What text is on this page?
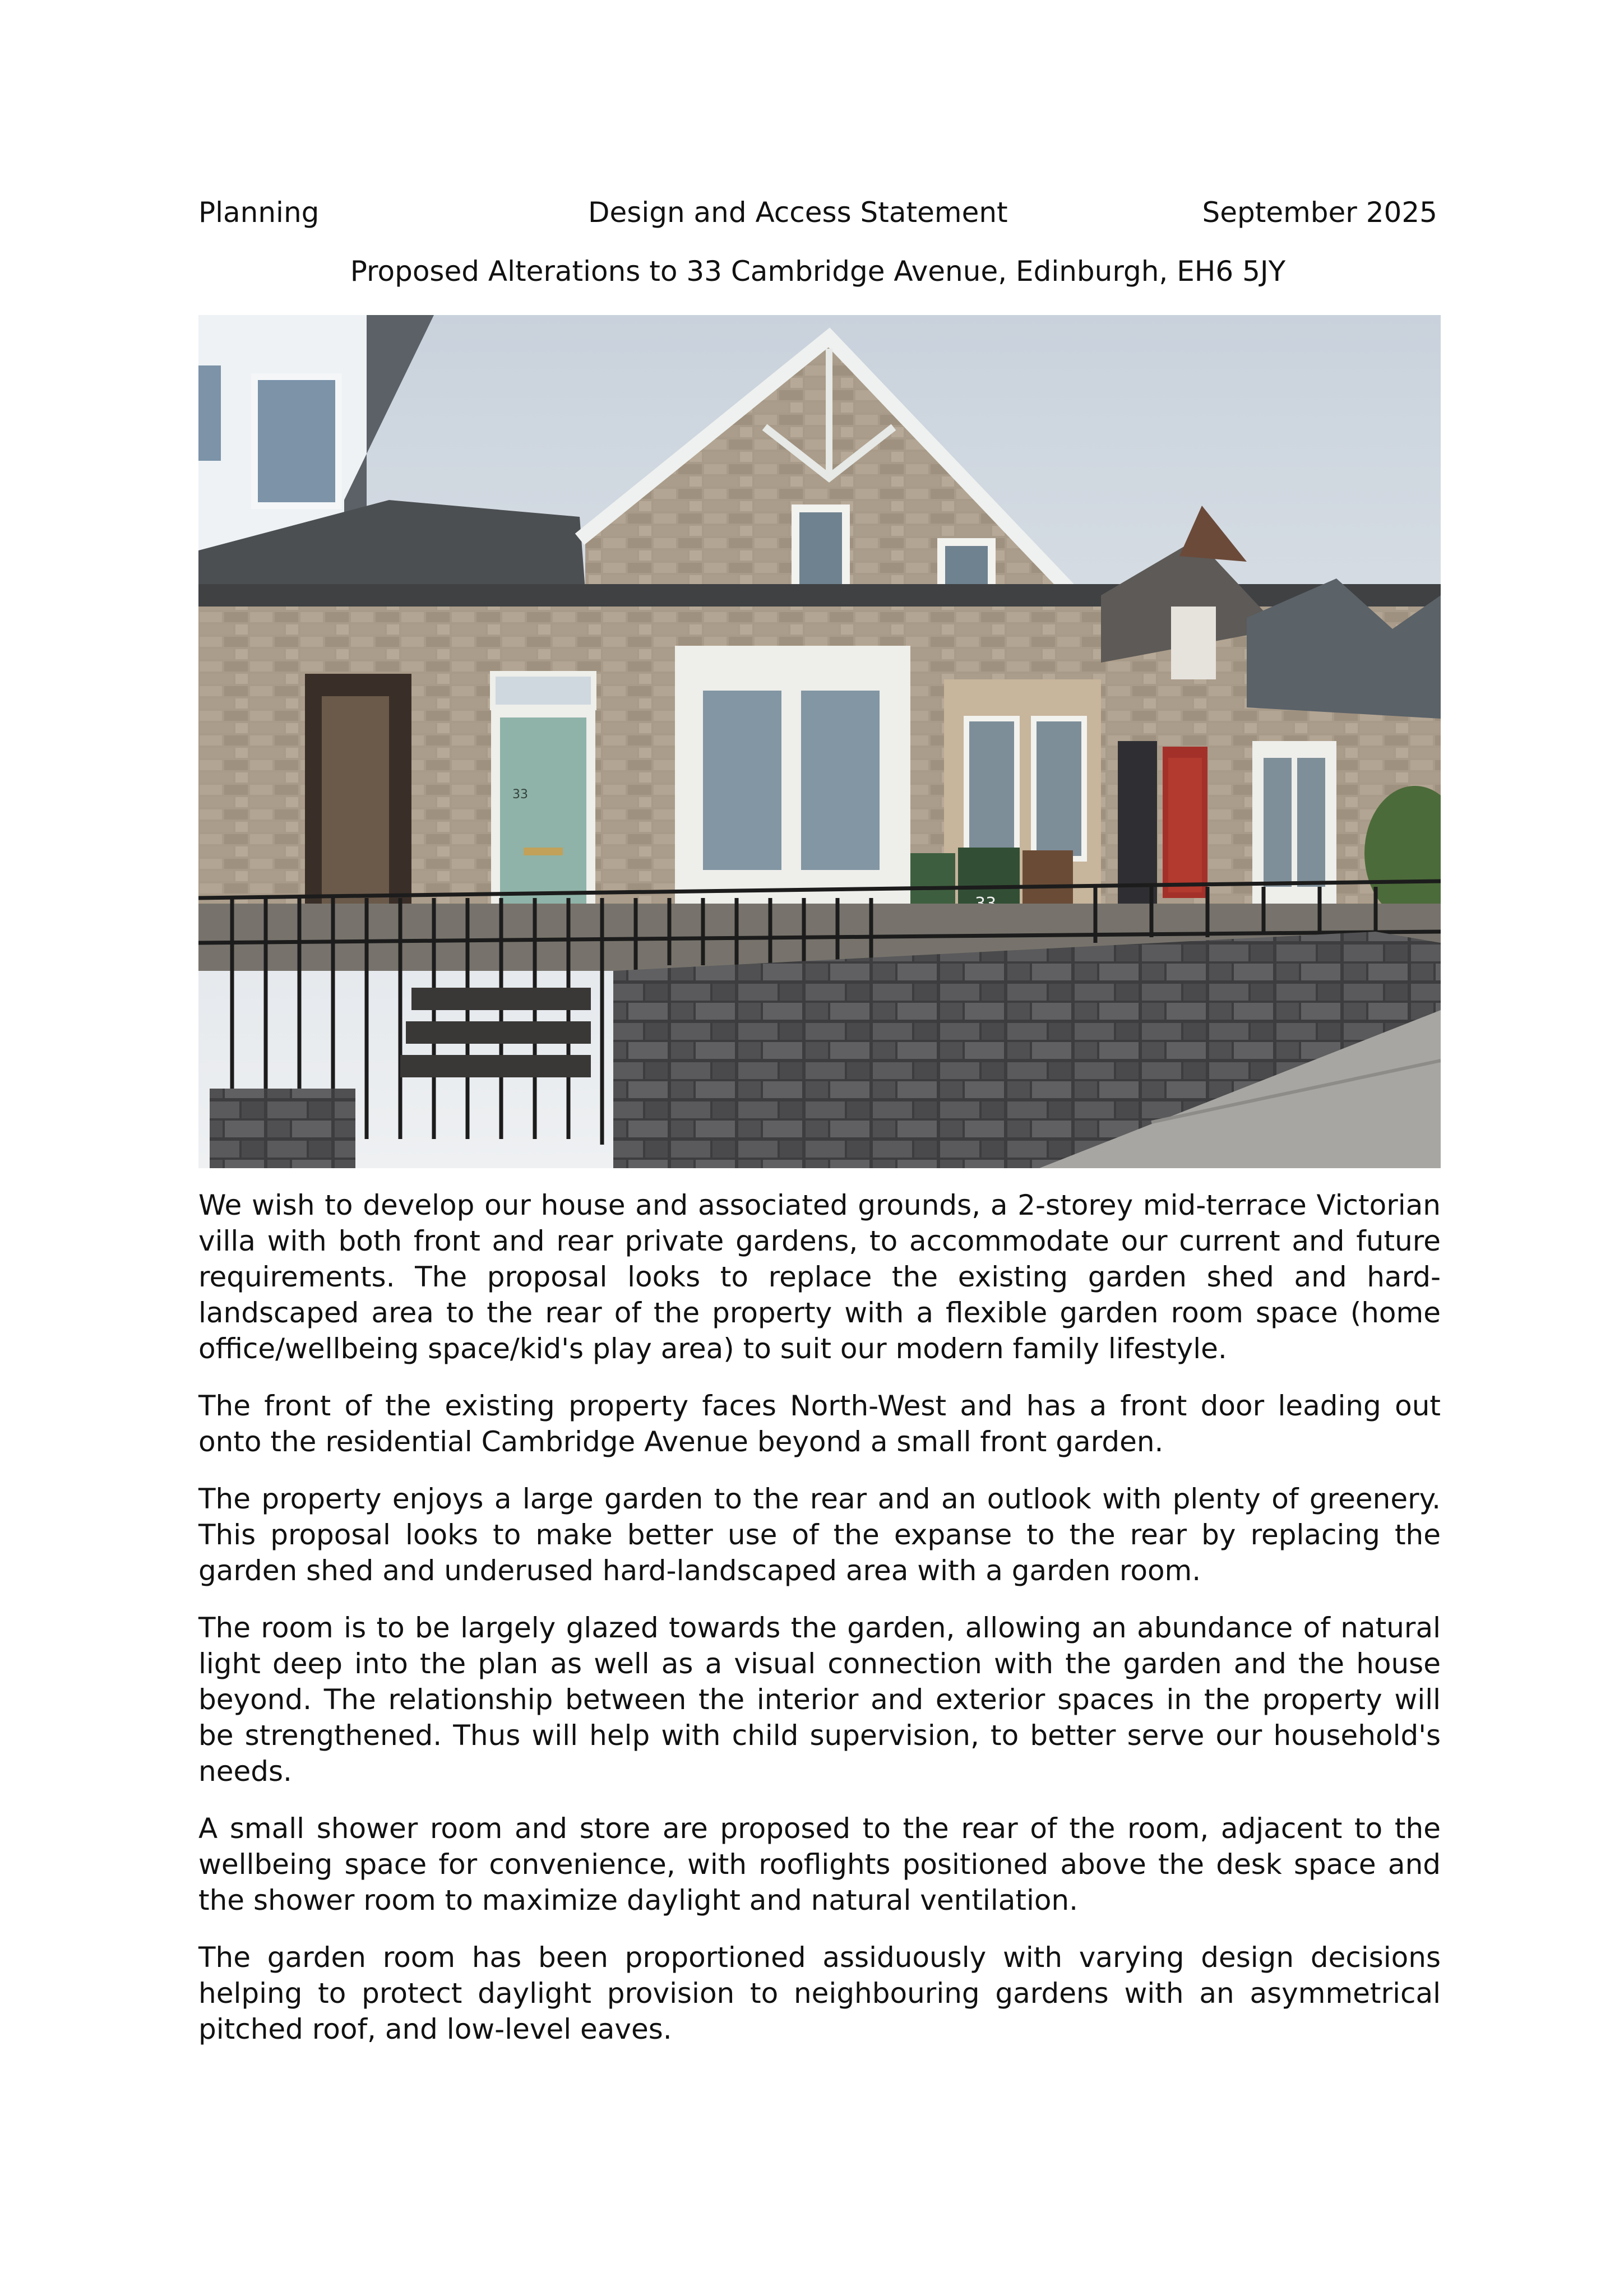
Planning	Design and Access Statement	September 2025
Proposed Alterations to 33 Cambridge Avenue, Edinburgh, EH6 5JY
33

We wish to develop our house and associated grounds, a 2-storey mid-terrace Victorian villa with both front and rear private gardens, to accommodate our current and future requirements. The proposal looks to replace the existing garden shed and hard-landscaped area to the rear of the property with a flexible garden room space (home office/wellbeing space/kid's play area) to suit our modern family lifestyle.

The front of the existing property faces North-West and has a front door leading out onto the residential Cambridge Avenue beyond a small front garden.

The property enjoys a large garden to the rear and an outlook with plenty of greenery. This proposal looks to make better use of the expanse to the rear by replacing the garden shed and underused hard-landscaped area with a garden room.

The room is to be largely glazed towards the garden, allowing an abundance of natural light deep into the plan as well as a visual connection with the garden and the house beyond. The relationship between the interior and exterior spaces in the property will be strengthened. Thus will help with child supervision, to better serve our household's needs.

A small shower room and store are proposed to the rear of the room, adjacent to the wellbeing space for convenience, with rooflights positioned above the desk space and the shower room to maximize daylight and natural ventilation.

The garden room has been proportioned assiduously with varying design decisions helping to protect daylight provision to neighbouring gardens with an asymmetrical pitched roof, and low-level eaves.
